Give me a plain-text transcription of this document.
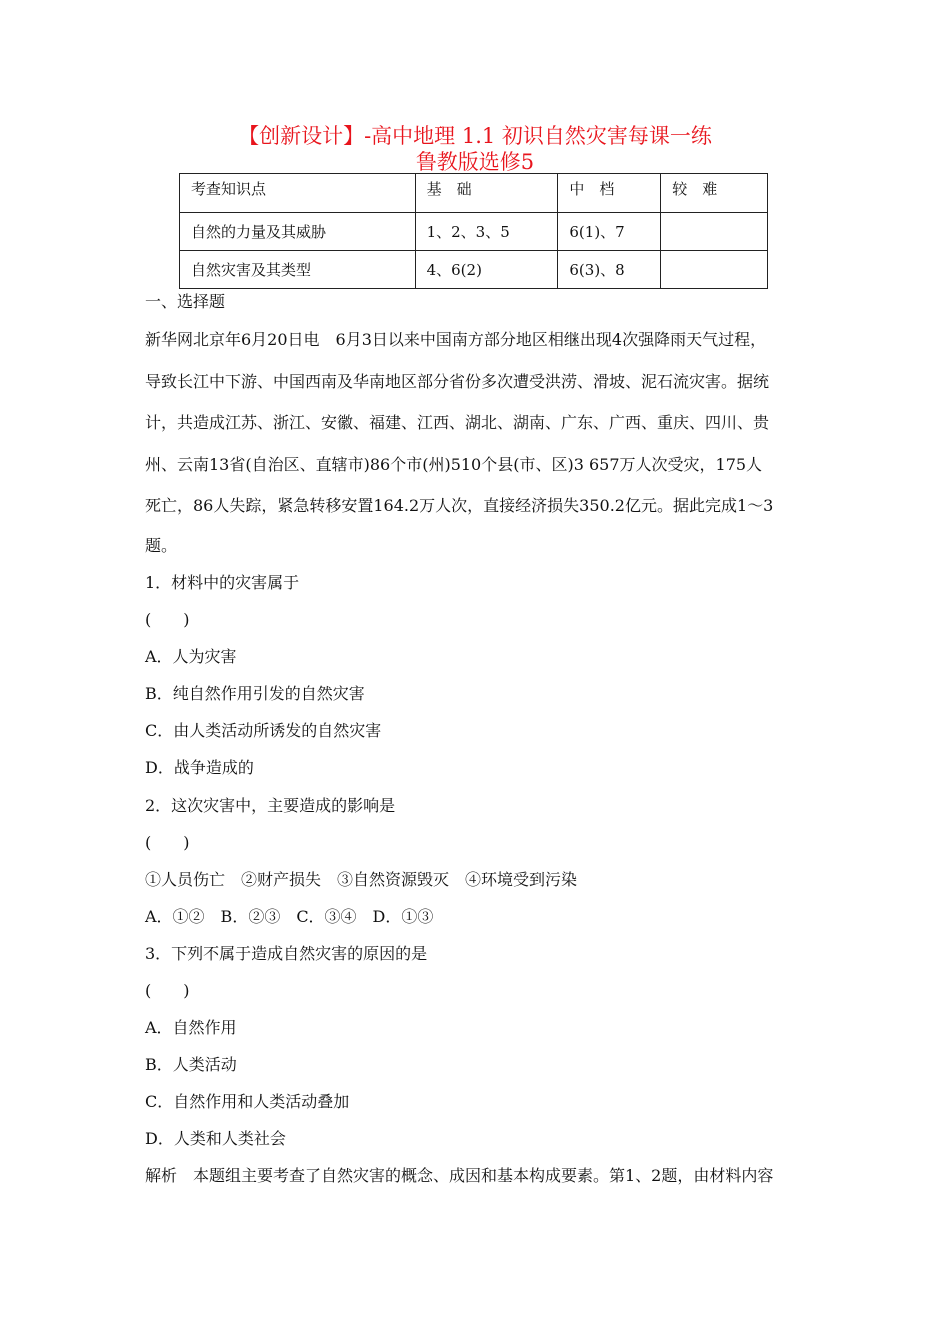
【创新设计】-高中地理 1.1 初识自然灾害每课一练
鲁教版选修5
考查知识点	基　础	中　档	较　难
自然的力量及其威胁	1、2、3、5	6(1)、7	
自然灾害及其类型	4、6(2)	6(3)、8	
一、选择题
新华网北京年6月20日电　6月3日以来中国南方部分地区相继出现4次强降雨天气过程，
导致长江中下游、中国西南及华南地区部分省份多次遭受洪涝、滑坡、泥石流灾害。据统
计，共造成江苏、浙江、安徽、福建、江西、湖北、湖南、广东、广西、重庆、四川、贵
州、云南13省(自治区、直辖市)86个市(州)510个县(市、区)3 657万人次受灾，175人
死亡，86人失踪，紧急转移安置164.2万人次，直接经济损失350.2亿元。据此完成1～3
题。
1．材料中的灾害属于
(　　)
A．人为灾害
B．纯自然作用引发的自然灾害
C．由人类活动所诱发的自然灾害
D．战争造成的
2．这次灾害中，主要造成的影响是
(　　)
①人员伤亡　②财产损失　③自然资源毁灭　④环境受到污染
A．①②　B．②③　C．③④　D．①③
3．下列不属于造成自然灾害的原因的是
(　　)
A．自然作用
B．人类活动
C．自然作用和人类活动叠加
D．人类和人类社会
解析　本题组主要考查了自然灾害的概念、成因和基本构成要素。第1、2题，由材料内容
